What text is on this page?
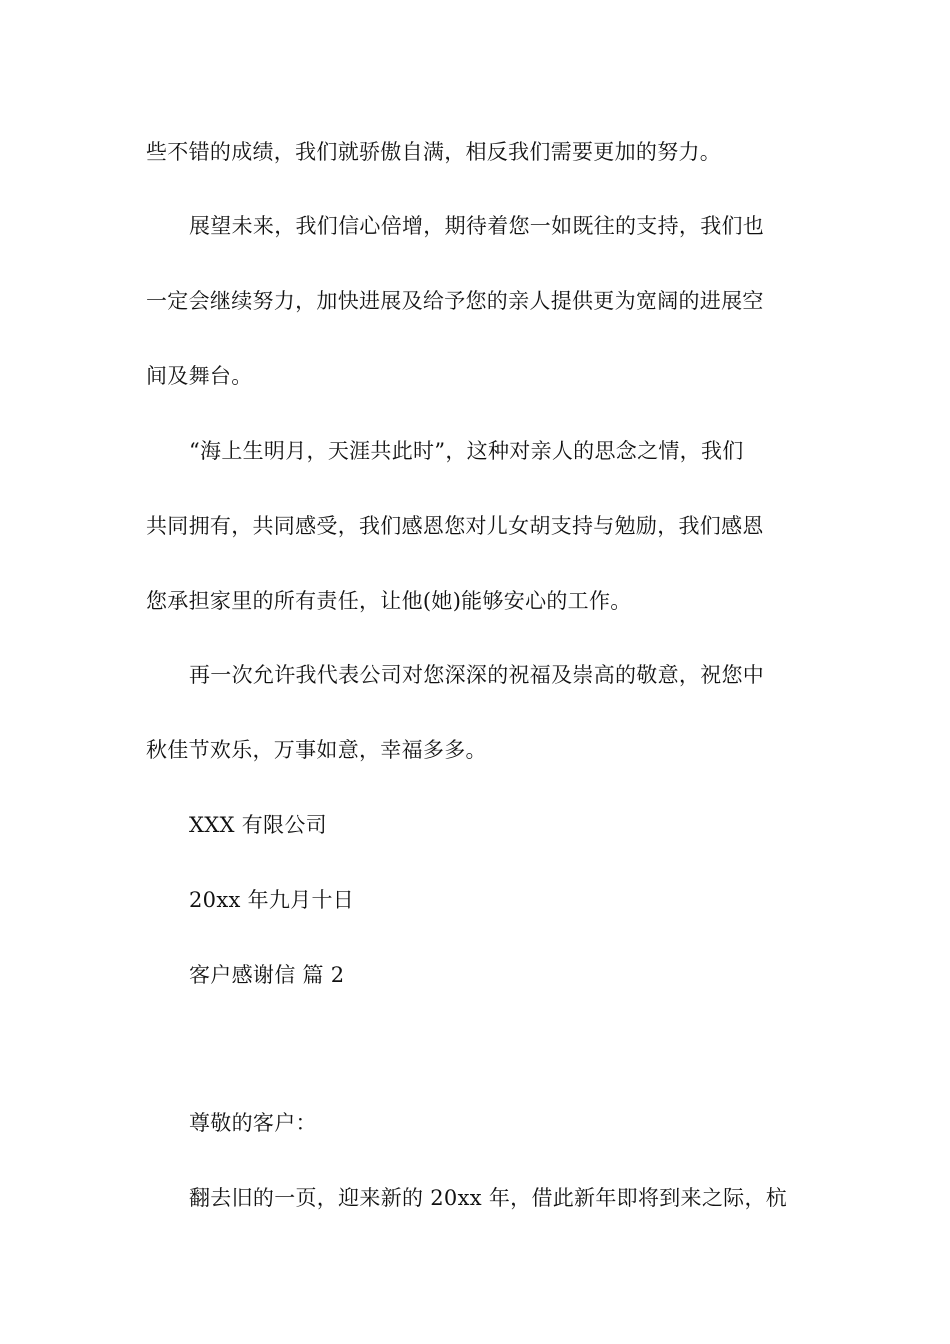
些不错的成绩，我们就骄傲自满，相反我们需要更加的努力。
展望未来，我们信心倍增，期待着您一如既往的支持，我们也
一定会继续努力，加快进展及给予您的亲人提供更为宽阔的进展空
间及舞台。
“海上生明月，天涯共此时”，这种对亲人的思念之情，我们
共同拥有，共同感受，我们感恩您对儿女胡支持与勉励，我们感恩
您承担家里的所有责任，让他(她)能够安心的工作。
再一次允许我代表公司对您深深的祝福及崇高的敬意，祝您中
秋佳节欢乐，万事如意，幸福多多。
XXX 有限公司
20xx 年九月十日
客户感谢信 篇 2
尊敬的客户：
翻去旧的一页，迎来新的 20xx 年，借此新年即将到来之际，杭
